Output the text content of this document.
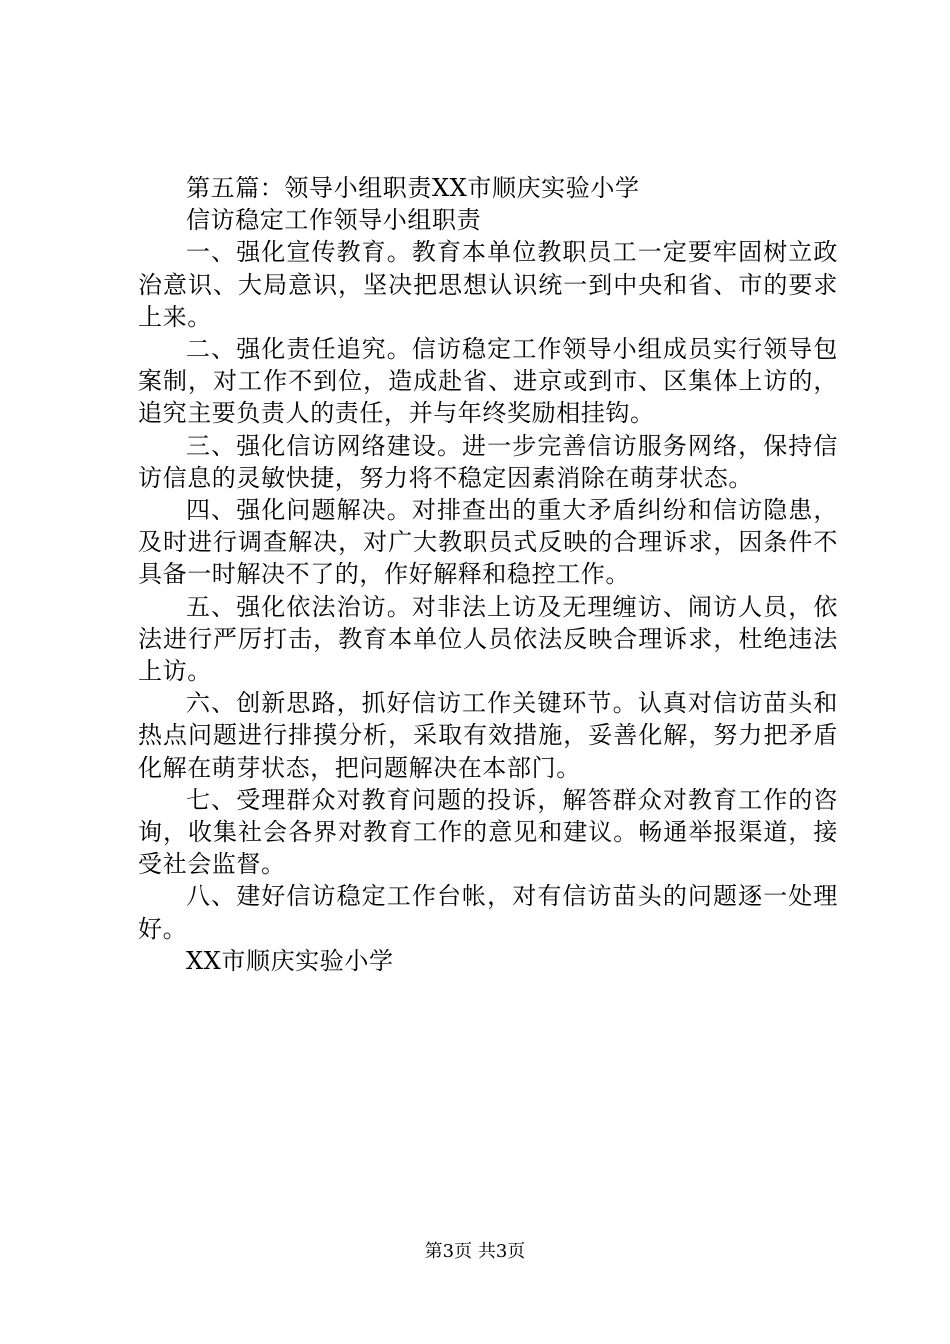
第五篇：领导小组职责XX市顺庆实验小学

信访稳定工作领导小组职责

一、强化宣传教育。教育本单位教职员工一定要牢固树立政治意识、大局意识，坚决把思想认识统一到中央和省、市的要求上来。

二、强化责任追究。信访稳定工作领导小组成员实行领导包案制，对工作不到位，造成赴省、进京或到市、区集体上访的，追究主要负责人的责任，并与年终奖励相挂钩。

三、强化信访网络建设。进一步完善信访服务网络，保持信访信息的灵敏快捷，努力将不稳定因素消除在萌芽状态。

四、强化问题解决。对排查出的重大矛盾纠纷和信访隐患，及时进行调查解决，对广大教职员式反映的合理诉求，因条件不具备一时解决不了的，作好解释和稳控工作。

五、强化依法治访。对非法上访及无理缠访、闹访人员，依法进行严厉打击，教育本单位人员依法反映合理诉求，杜绝违法上访。

六、创新思路，抓好信访工作关键环节。认真对信访苗头和热点问题进行排摸分析，采取有效措施，妥善化解，努力把矛盾化解在萌芽状态，把问题解决在本部门。

七、受理群众对教育问题的投诉，解答群众对教育工作的咨询，收集社会各界对教育工作的意见和建议。畅通举报渠道，接受社会监督。

八、建好信访稳定工作台帐，对有信访苗头的问题逐一处理好。

XX市顺庆实验小学

第3页 共3页
